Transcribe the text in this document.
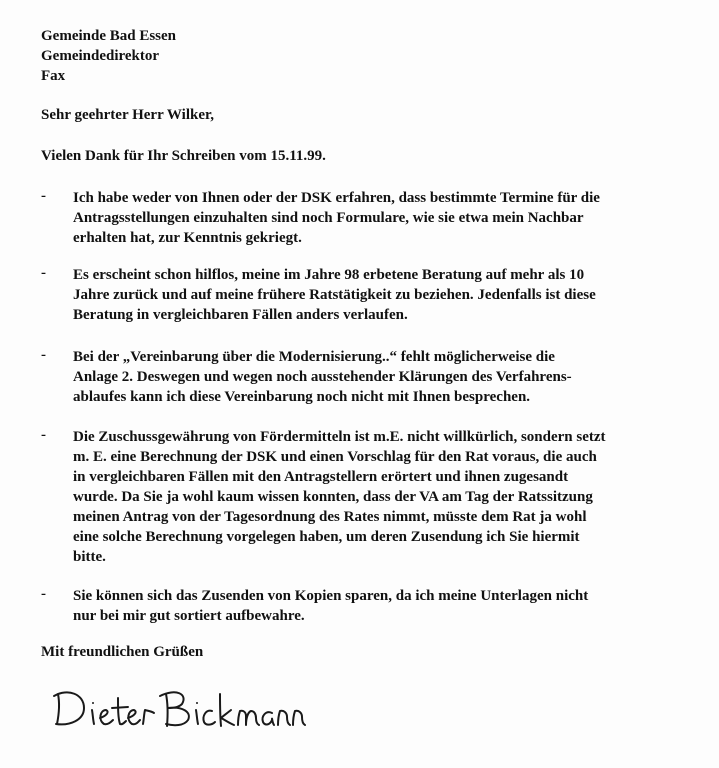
Gemeinde Bad Essen
Gemeindedirektor
Fax
Sehr geehrter Herr Wilker,
Vielen Dank für Ihr Schreiben vom 15.11.99.
- Ich habe weder von Ihnen oder der DSK erfahren, dass bestimmte Termine für die
Antragsstellungen einzuhalten sind noch Formulare, wie sie etwa mein Nachbar
erhalten hat, zur Kenntnis gekriegt.
- Es erscheint schon hilflos, meine im Jahre 98 erbetene Beratung auf mehr als 10
Jahre zurück und auf meine frühere Ratstätigkeit zu beziehen. Jedenfalls ist diese
Beratung in vergleichbaren Fällen anders verlaufen.
- Bei der „Vereinbarung über die Modernisierung..“ fehlt möglicherweise die
Anlage 2. Deswegen und wegen noch ausstehender Klärungen des Verfahrens-
ablaufes kann ich diese Vereinbarung noch nicht mit Ihnen besprechen.
- Die Zuschussgewährung von Fördermitteln ist m.E. nicht willkürlich, sondern setzt
m. E. eine Berechnung der DSK und einen Vorschlag für den Rat voraus, die auch
in vergleichbaren Fällen mit den Antragstellern erörtert und ihnen zugesandt
wurde. Da Sie ja wohl kaum wissen konnten, dass der VA am Tag der Ratssitzung
meinen Antrag von der Tagesordnung des Rates nimmt, müsste dem Rat ja wohl
eine solche Berechnung vorgelegen haben, um deren Zusendung ich Sie hiermit
bitte.
- Sie können sich das Zusenden von Kopien sparen, da ich meine Unterlagen nicht
nur bei mir gut sortiert aufbewahre.
Mit freundlichen Grüßen
